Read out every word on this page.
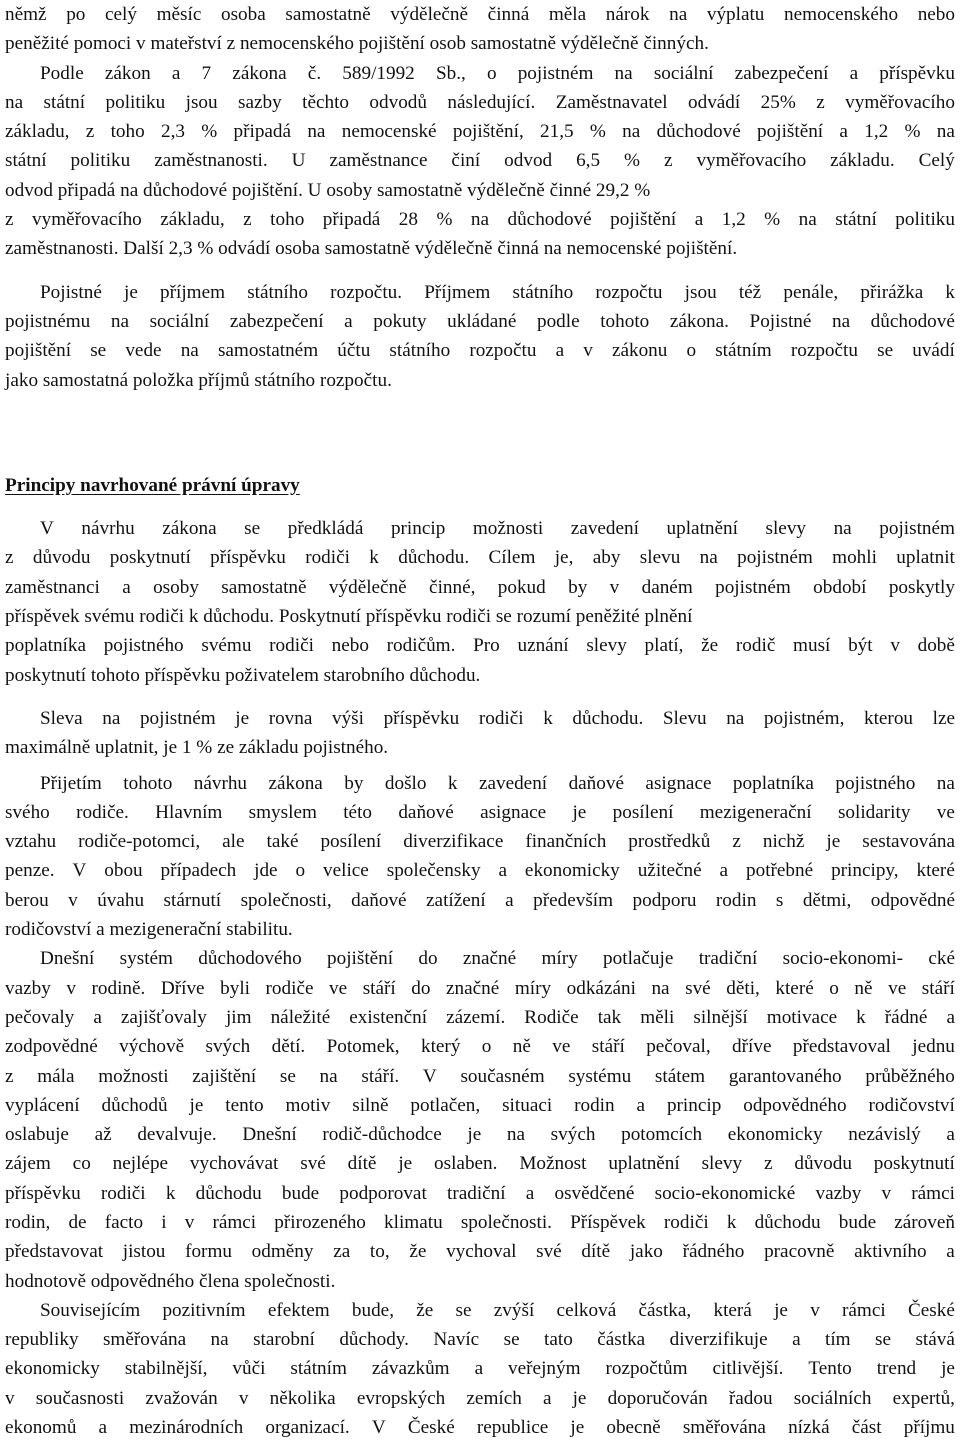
němž po celý měsíc osoba samostatně výdělečně činná měla nárok na výplatu nemocenského nebo
peněžité pomoci v mateřství z nemocenského pojištění osob samostatně výdělečně činných.
Podle zákon a 7 zákona č. 589/1992 Sb., o pojistném na sociální zabezpečení a příspěvku
na státní politiku jsou sazby těchto odvodů následující. Zaměstnavatel odvádí 25% z vyměřovacího
základu, z toho 2,3 % připadá na nemocenské pojištění, 21,5 % na důchodové pojištění a 1,2 % na
státní politiku zaměstnanosti. U zaměstnance činí odvod 6,5 % z vyměřovacího základu. Celý
odvod připadá na důchodové pojištění. U osoby samostatně výdělečně činné 29,2 %
z vyměřovacího základu, z toho připadá 28 % na důchodové pojištění a 1,2 % na státní politiku
zaměstnanosti. Další 2,3 % odvádí osoba samostatně výdělečně činná na nemocenské pojištění.
Pojistné je příjmem státního rozpočtu. Příjmem státního rozpočtu jsou též penále, přirážka k
pojistnému na sociální zabezpečení a pokuty ukládané podle tohoto zákona. Pojistné na důchodové
pojištění se vede na samostatném účtu státního rozpočtu a v zákonu o státním rozpočtu se uvádí
jako samostatná položka příjmů státního rozpočtu.
Principy navrhované právní úpravy
V návrhu zákona se předkládá princip možnosti zavedení uplatnění slevy na pojistném
z důvodu poskytnutí příspěvku rodiči k důchodu. Cílem je, aby slevu na pojistném mohli uplatnit
zaměstnanci a osoby samostatně výdělečně činné, pokud by v daném pojistném období poskytly
příspěvek svému rodiči k důchodu. Poskytnutí příspěvku rodiči se rozumí peněžité plnění
poplatníka pojistného svému rodiči nebo rodičům. Pro uznání slevy platí, že rodič musí být v době
poskytnutí tohoto příspěvku poživatelem starobního důchodu.
Sleva na pojistném je rovna výši příspěvku rodiči k důchodu. Slevu na pojistném, kterou lze
maximálně uplatnit, je 1 % ze základu pojistného.
Přijetím tohoto návrhu zákona by došlo k zavedení daňové asignace poplatníka pojistného na
svého rodiče. Hlavním smyslem této daňové asignace je posílení mezigenerační solidarity ve
vztahu rodiče-potomci, ale také posílení diverzifikace finančních prostředků z nichž je sestavována
penze. V obou případech jde o velice společensky a ekonomicky užitečné a potřebné principy, které
berou v úvahu stárnutí společnosti, daňové zatížení a především podporu rodin s dětmi, odpovědné
rodičovství a mezigenerační stabilitu.
Dnešní systém důchodového pojištění do značné míry potlačuje tradiční socio-ekonomi- cké
vazby v rodině. Dříve byli rodiče ve stáří do značné míry odkázáni na své děti, které o ně ve stáří
pečovaly a zajišťovaly jim náležité existenční zázemí. Rodiče tak měli silnější motivace k řádné a
zodpovědné výchově svých dětí. Potomek, který o ně ve stáří pečoval, dříve představoval jednu
z mála možnosti zajištění se na stáří. V současném systému státem garantovaného průběžného
vyplácení důchodů je tento motiv silně potlačen, situaci rodin a princip odpovědného rodičovství
oslabuje až devalvuje. Dnešní rodič-důchodce je na svých potomcích ekonomicky nezávislý a
zájem co nejlépe vychovávat své dítě je oslaben. Možnost uplatnění slevy z důvodu poskytnutí
příspěvku rodiči k důchodu bude podporovat tradiční a osvědčené socio-ekonomické vazby v rámci
rodin, de facto i v rámci přirozeného klimatu společnosti. Příspěvek rodiči k důchodu bude zároveň
představovat jistou formu odměny za to, že vychoval své dítě jako řádného pracovně aktivního a
hodnotově odpovědného člena společnosti.
Souvisejícím pozitivním efektem bude, že se zvýší celková částka, která je v rámci České
republiky směřována na starobní důchody. Navíc se tato částka diverzifikuje a tím se stává
ekonomicky stabilnější, vůči státním závazkům a veřejným rozpočtům citlivější. Tento trend je
v současnosti zvažován v několika evropských zemích a je doporučován řadou sociálních expertů,
ekonomů a mezinárodních organizací. V České republice je obecně směřována nízká část příjmu
